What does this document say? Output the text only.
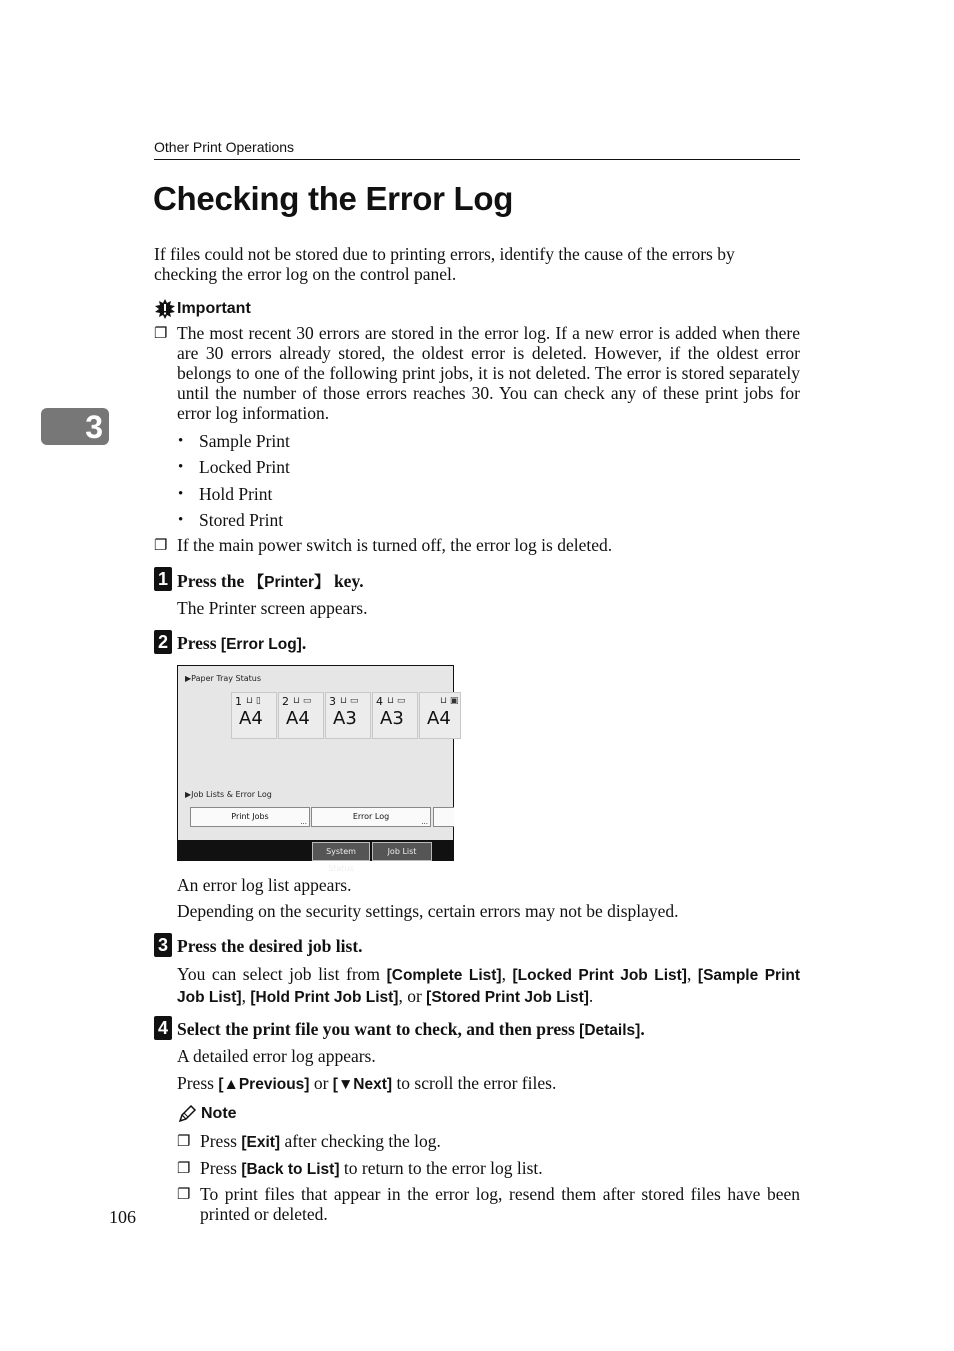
Other Print Operations
Checking the Error Log
If files could not be stored due to printing errors, identify the cause of the errors by checking the error log on the control panel.
Important
❐ The most recent 30 errors are stored in the error log. If a new error is added when there are 30 errors already stored, the oldest error is deleted. However, if the oldest error belongs to one of the following print jobs, it is not deleted. The error is stored separately until the number of those errors reaches 30. You can check any of these print jobs for error log information.
3	• Sample Print
• Locked Print
• Hold Print
• Stored Print
❐ If the main power switch is turned off, the error log is deleted.
1 Press the 【Printer】 key.
The Printer screen appears.
2 Press [Error Log].
▶Paper Tray Status
1 ⊔ ▯
A4
2 ⊔ ▭
A4
3 ⊔ ▭
A3
4 ⊔ ▭
A3
⊔ ▣
A4
▶Job Lists & Error Log
Print Jobs
...
Error Log
...
System Status
Job List
An error log list appears.
Depending on the security settings, certain errors may not be displayed.
3 Press the desired job list.
You can select job list from [Complete List], [Locked Print Job List], [Sample Print Job List], [Hold Print Job List], or [Stored Print Job List].
4 Select the print file you want to check, and then press [Details].
A detailed error log appears.
Press [▲Previous] or [▼Next] to scroll the error files.
Note
❐ Press [Exit] after checking the log.
❐ Press [Back to List] to return to the error log list.
❐ To print files that appear in the error log, resend them after stored files have been printed or deleted.
106
